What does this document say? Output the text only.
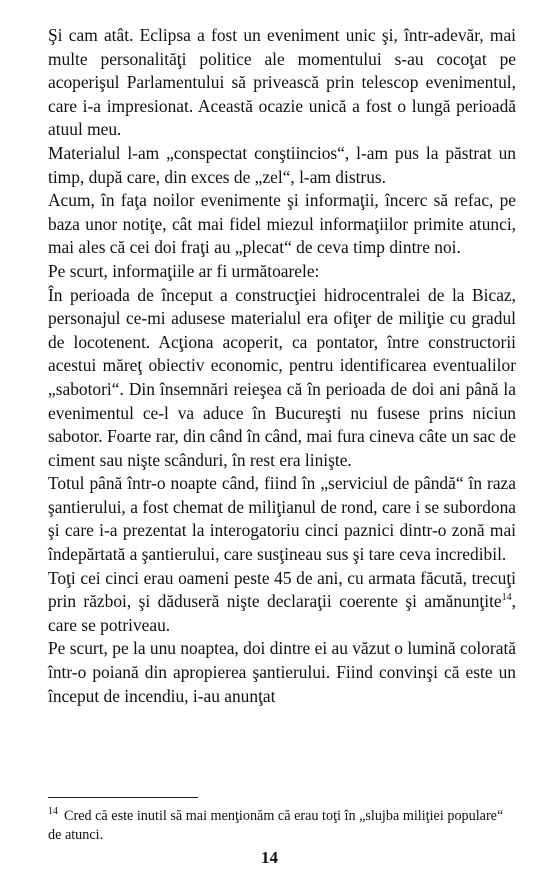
Şi cam atât. Eclipsa a fost un eveniment unic şi, într-adevăr, mai multe personalităţi politice ale momentului s-au cocoţat pe acoperişul Parlamentului să privească prin telescop evenimentul, care i-a impresionat. Această ocazie unică a fost o lungă perioadă atuul meu.

Materialul l-am „conspectat conştiincios“, l-am pus la păstrat un timp, după care, din exces de „zel“, l-am distrus.

Acum, în faţa noilor evenimente şi informaţii, încerc să refac, pe baza unor notiţe, cât mai fidel miezul informaţiilor primite atunci, mai ales că cei doi fraţi au „plecat“ de ceva timp dintre noi.

Pe scurt, informaţiile ar fi următoarele:

În perioada de început a construcţiei hidrocentralei de la Bicaz, personajul ce-mi adusese materialul era ofiţer de miliţie cu gradul de locotenent. Acţiona acoperit, ca pontator, între constructorii acestui măreţ obiectiv economic, pentru identificarea eventualilor „sabotori“. Din însemnări reieşea că în perioada de doi ani până la evenimentul ce-l va aduce în Bucureşti nu fusese prins niciun sabotor. Foarte rar, din când în când, mai fura cineva câte un sac de ciment sau nişte scânduri, în rest era linişte.

Totul până într-o noapte când, fiind în „serviciul de pândă“ în raza şantierului, a fost chemat de miliţianul de rond, care i se subordona şi care i-a prezentat la interogatoriu cinci paznici dintr-o zonă mai îndepărtată a şantierului, care susţineau sus şi tare ceva incredibil.

Toţi cei cinci erau oameni peste 45 de ani, cu armata făcută, trecuţi prin război, şi dăduseră nişte declaraţii coerente şi amănunţite$^{14}$, care se potriveau.

Pe scurt, pe la unu noaptea, doi dintre ei au văzut o lumină colorată într-o poiană din apropierea şantierului. Fiind convinşi că este un început de incendiu, i-au anunţat

$^{14}$ Cred că este inutil să mai menţionăm că erau toţi în „slujba miliţiei populare“ de atunci.
14
